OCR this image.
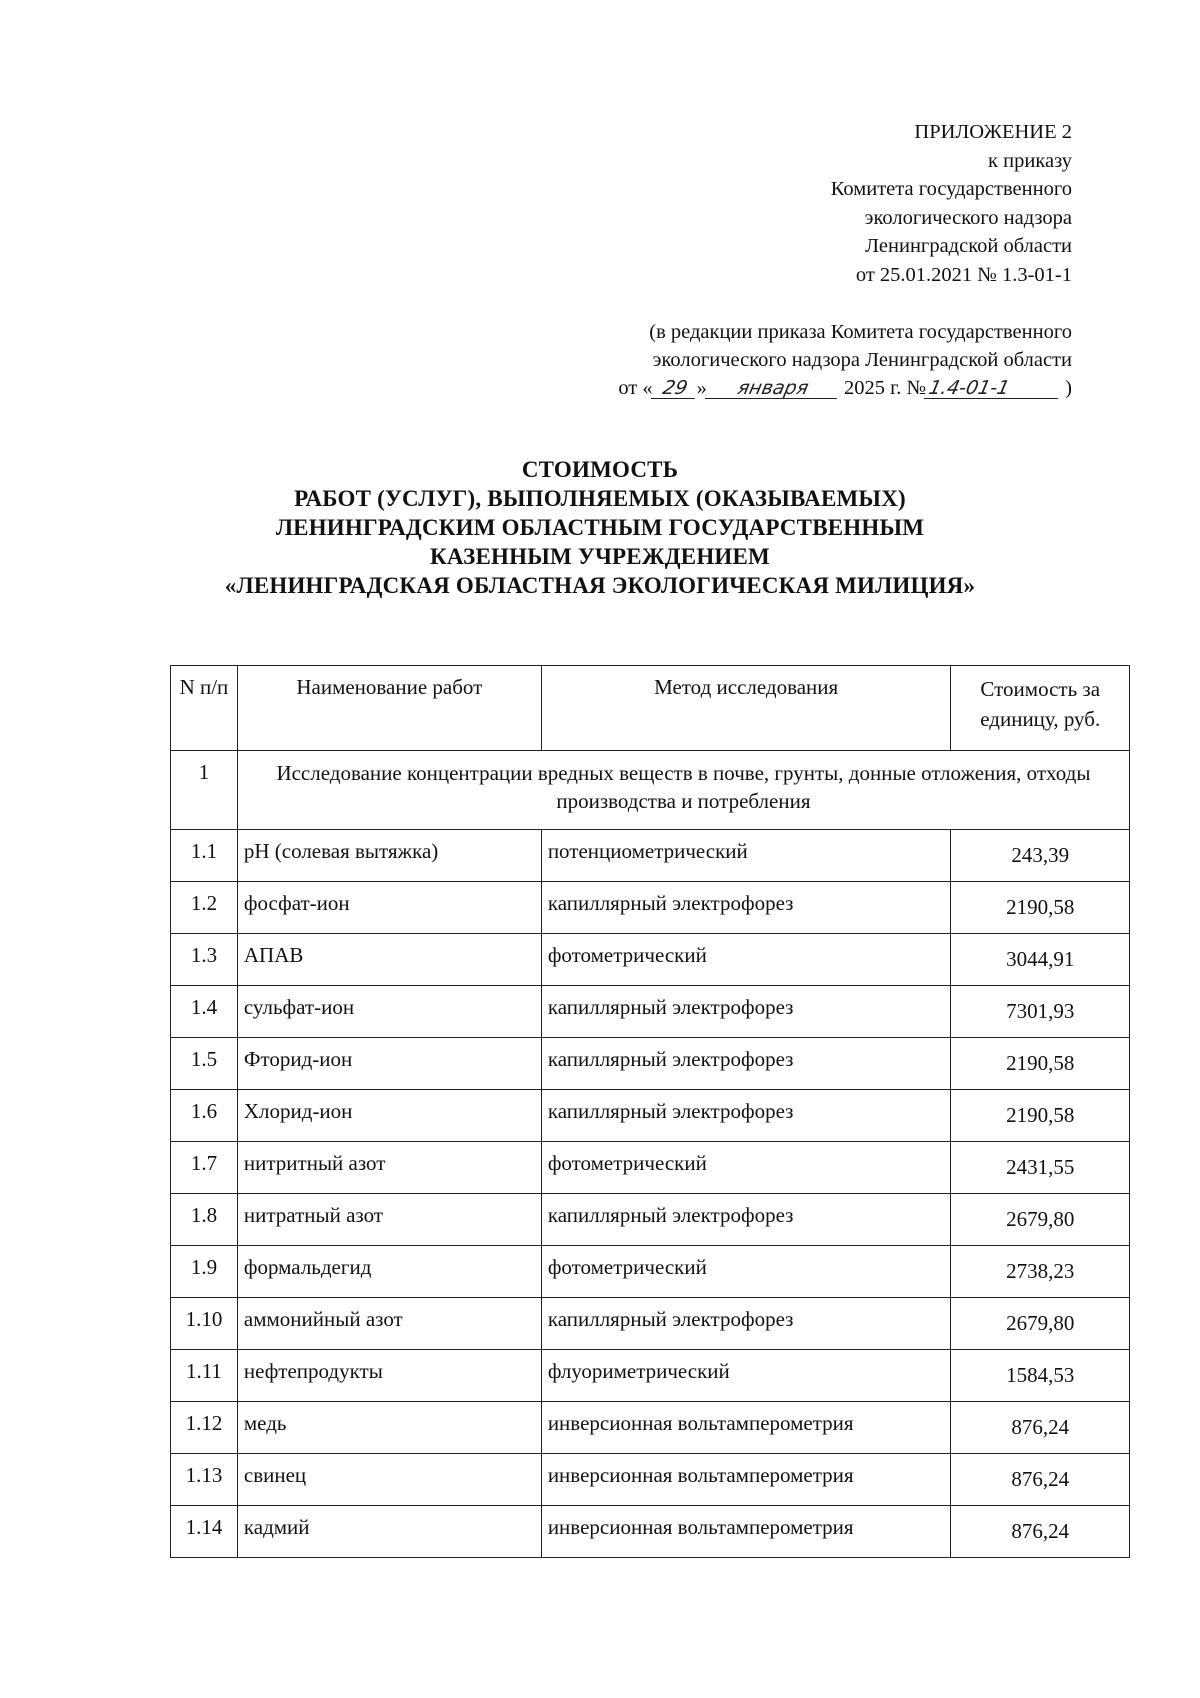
ПРИЛОЖЕНИЕ 2
к приказу
Комитета государственного
экологического надзора
Ленинградской области
от 25.01.2021 № 1.3-01-1
(в редакции приказа Комитета государственного
экологического надзора Ленинградской области
от « 29 » января 2025 г. №1.4-01-1	)
СТОИМОСТЬ
РАБОТ (УСЛУГ), ВЫПОЛНЯЕМЫХ (ОКАЗЫВАЕМЫХ)
ЛЕНИНГРАДСКИМ ОБЛАСТНЫМ ГОСУДАРСТВЕННЫМ
КАЗЕННЫМ УЧРЕЖДЕНИЕМ
«ЛЕНИНГРАДСКАЯ ОБЛАСТНАЯ ЭКОЛОГИЧЕСКАЯ МИЛИЦИЯ»
N п/п	Наименование работ	Метод исследования	Стоимость за единицу, руб.
1	Исследование концентрации вредных веществ в почве, грунты, донные отложения, отходы производства и потребления		
1.1	pH (солевая вытяжка)	потенциометрический	243,39
1.2	фосфат-ион	капиллярный электрофорез	2190,58
1.3	АПАВ	фотометрический	3044,91
1.4	сульфат-ион	капиллярный электрофорез	7301,93
1.5	Фторид-ион	капиллярный электрофорез	2190,58
1.6	Хлорид-ион	капиллярный электрофорез	2190,58
1.7	нитритный азот	фотометрический	2431,55
1.8	нитратный азот	капиллярный электрофорез	2679,80
1.9	формальдегид	фотометрический	2738,23
1.10	аммонийный азот	капиллярный электрофорез	2679,80
1.11	нефтепродукты	флуориметрический	1584,53
1.12	медь	инверсионная вольтамперометрия	876,24
1.13	свинец	инверсионная вольтамперометрия	876,24
1.14	кадмий	инверсионная вольтамперометрия	876,24
